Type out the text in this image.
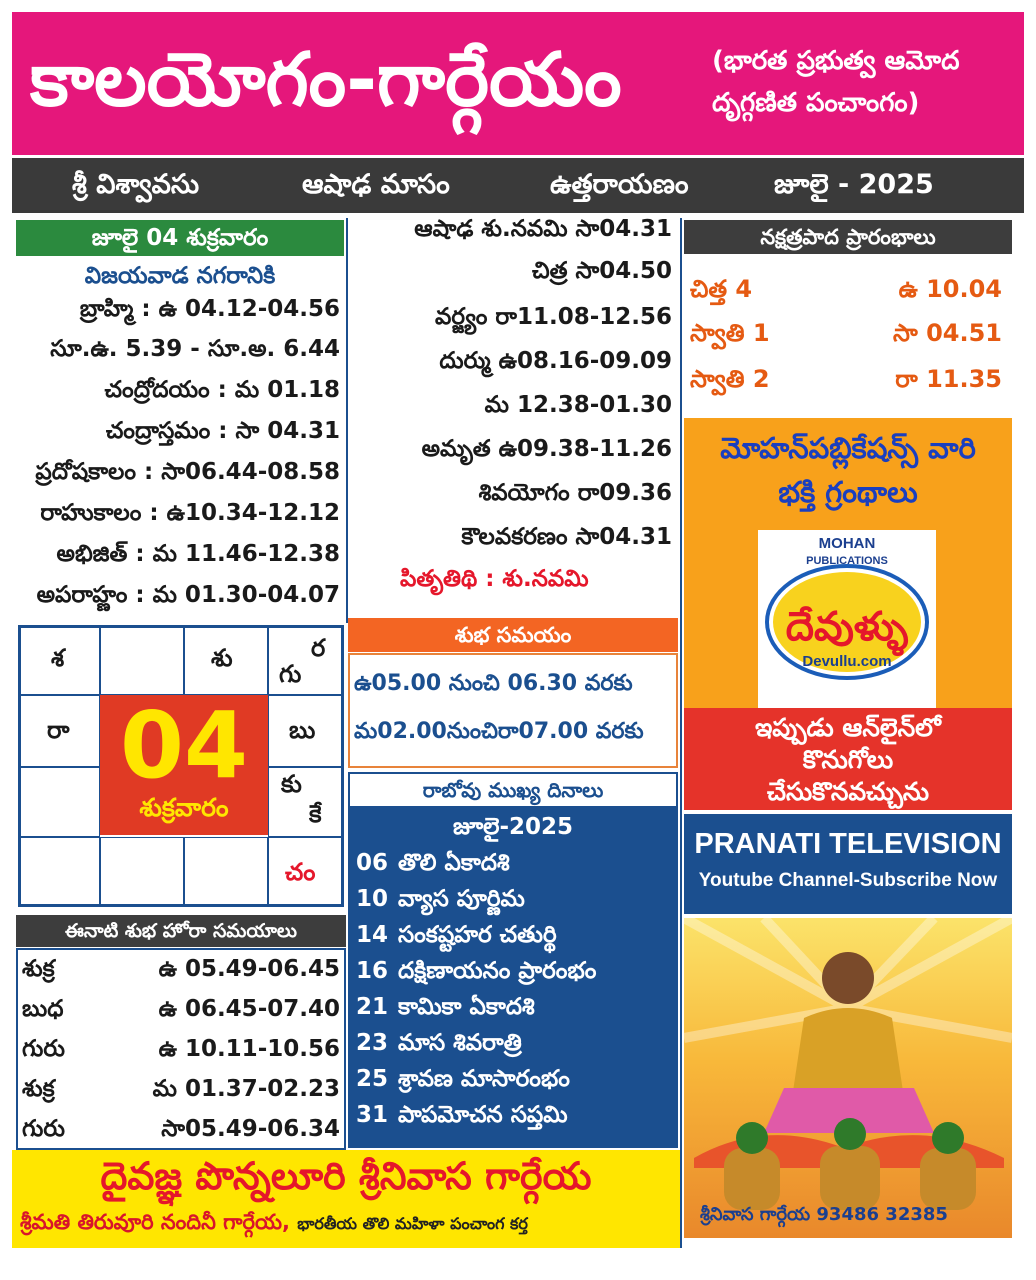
కాలయోగం-గార్గేయం	(భారత ప్రభుత్వ ఆమోద
దృగ్గణిత పంచాంగం)
శ్రీ విశ్వావసు	ఆషాఢ మాసం	ఉత్తరాయణం	జూలై - 2025
జూలై 04 శుక్రవారం
విజయవాడ నగరానికి
బ్రాహ్మి : ఉ 04.12-04.56
సూ.ఉ. 5.39 - సూ.అ. 6.44
చంద్రోదయం : మ 01.18
చంద్రాస్తమం : సా 04.31
ప్రదోషకాలం : సా06.44-08.58
రాహుకాలం : ఉ10.34-12.12
అభిజిత్ : మ 11.46-12.38
అపరాహ్ణం : మ 01.30-04.07
ఆషాఢ శు.నవమి సా04.31
చిత్ర సా04.50
వర్జ్యం రా11.08-12.56
దుర్ము ఉ08.16-09.09
మ 12.38-01.30
అమృత ఉ09.38-11.26
శివయోగం రా09.36
కౌలవకరణం సా04.31
పితృతిథి : శు.నవమి
శ	శు	ర
గు
రా	బు
కు
కే
చం
04
శుక్రవారం
ఈనాటి శుభ హోరా సమయాలు
శుక్ర	ఉ 05.49-06.45
బుధ	ఉ 06.45-07.40
గురు	ఉ 10.11-10.56
శుక్ర	మ 01.37-02.23
గురు	సా05.49-06.34
శుభ సమయం
ఉ05.00 నుంచి 06.30 వరకు
మ02.00నుంచిరా07.00 వరకు
రాబోవు ముఖ్య దినాలు
జూలై-2025
06 తొలి ఏకాదశి
10 వ్యాస పూర్ణిమ
14 సంకష్టహర చతుర్థి
16 దక్షిణాయనం ప్రారంభం
21 కామికా ఏకాదశి
23 మాస శివరాత్రి
25 శ్రావణ మాసారంభం
31 పాపమోచన సప్తమి
నక్షత్రపాద ప్రారంభాలు
చిత్త 4	ఉ 10.04
స్వాతి 1	సా 04.51
స్వాతి 2	రా 11.35
మోహన్‌పబ్లికేషన్స్ వారి
భక్తి గ్రంథాలు
MOHAN
PUBLICATIONS
దేవుళ్ళు
Devullu.com
ఇప్పుడు ఆన్‌లైన్‌లో
కొనుగోలు
చేసుకొనవచ్చును
PRANATI TELEVISION
Youtube Channel-Subscribe Now
శ్రీనివాస గార్గేయ 93486 32385
దైవజ్ఞ పొన్నలూరి శ్రీనివాస గార్గేయ
శ్రీమతి తిరువూరి నందినీ గార్గేయ, భారతీయ తొలి మహిళా పంచాంగ కర్త
